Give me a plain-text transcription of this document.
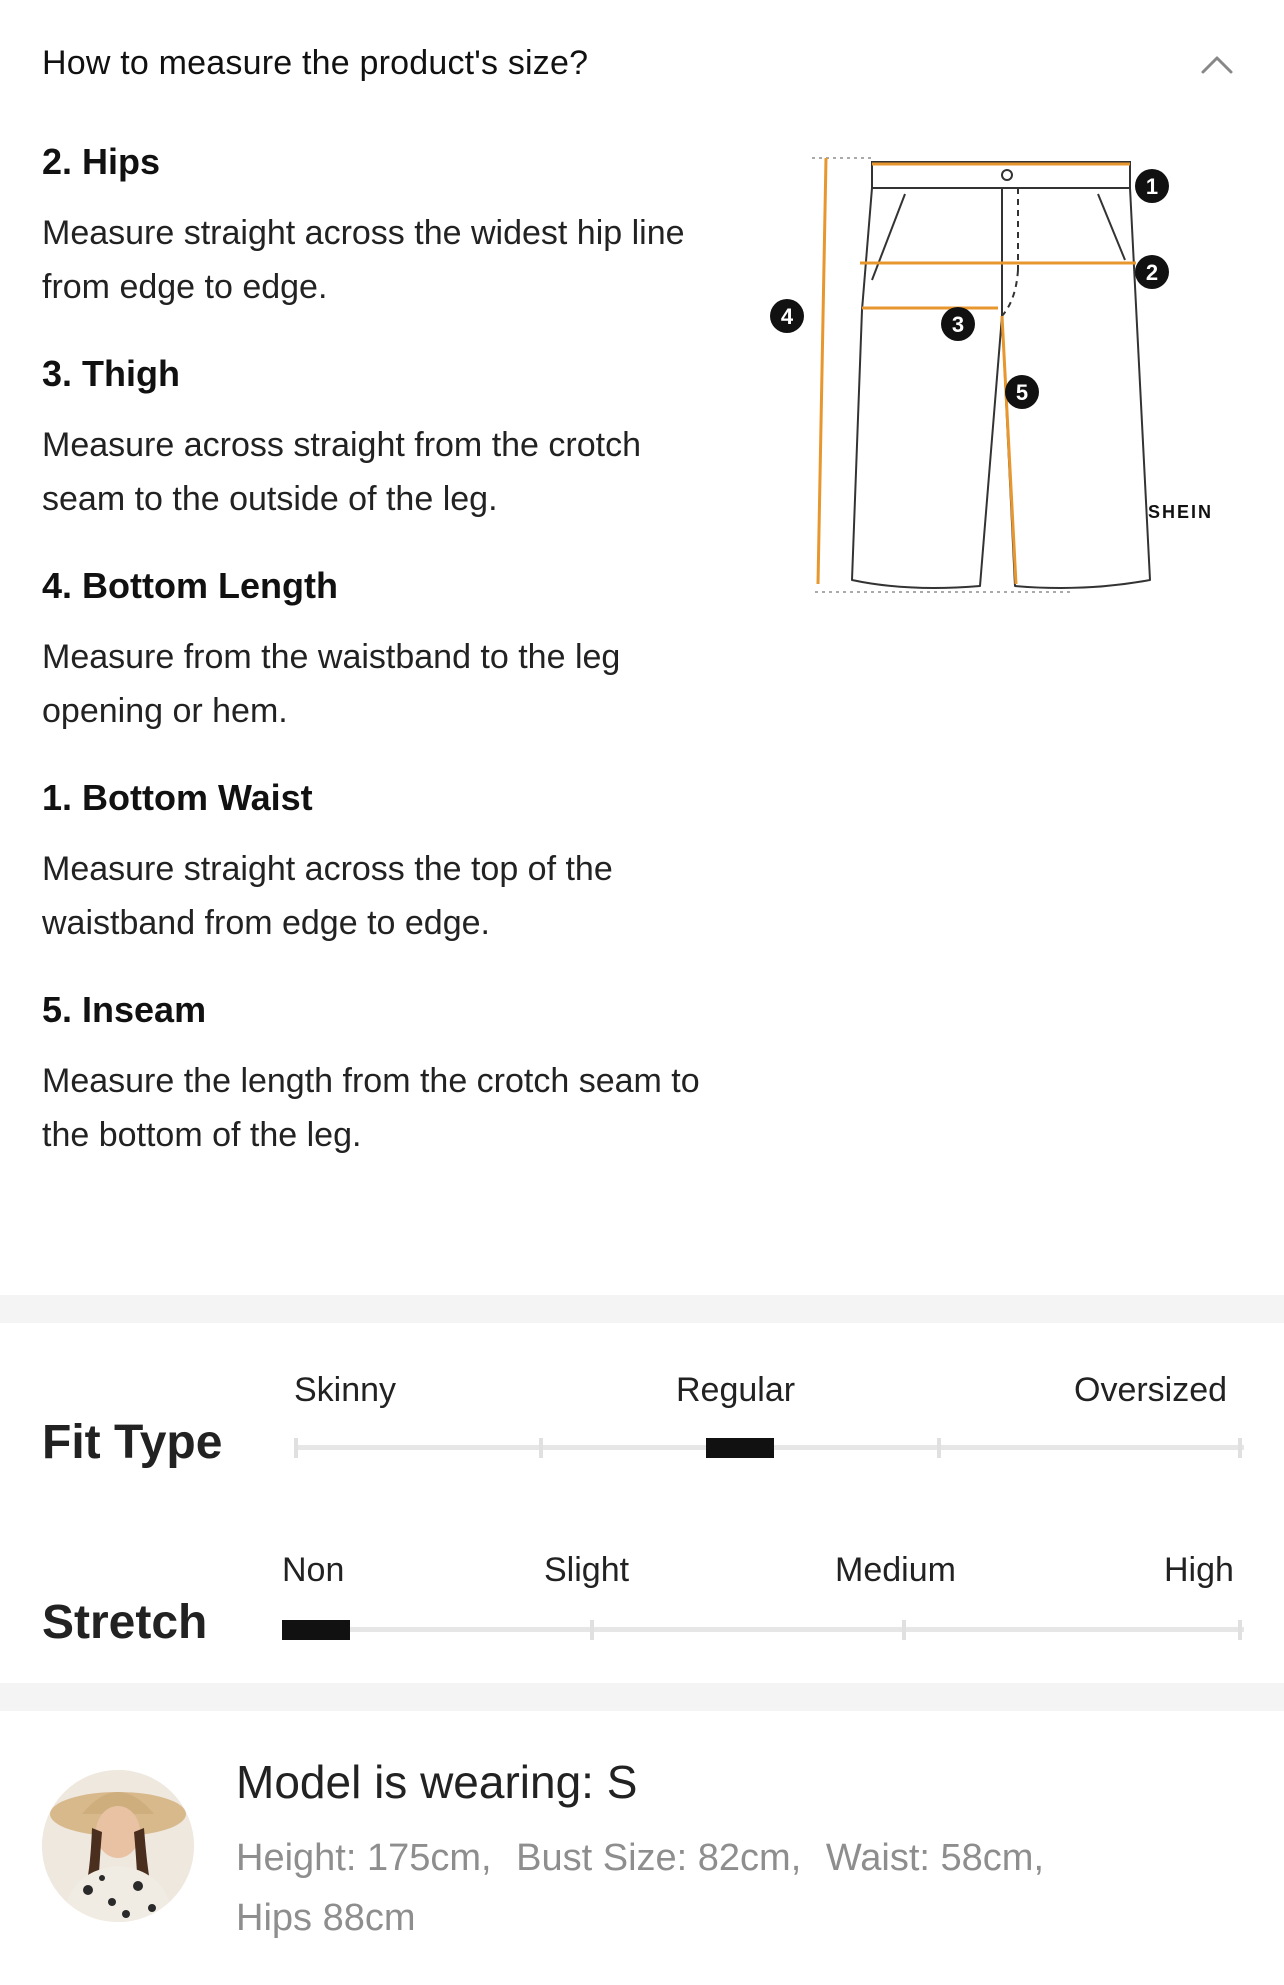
How to measure the product's size?
2. Hips
Measure straight across the widest hip line from edge to edge.
3. Thigh
Measure across straight from the crotch seam to the outside of the leg.
4. Bottom Length
Measure from the waistband to the leg opening or hem.
1. Bottom Waist
Measure straight across the top of the waistband from edge to edge.
5. Inseam
Measure the length from the crotch seam to the bottom of the leg.
1
2
3
4
5
SHEIN
Fit Type
Skinny	Regular	Oversized
Stretch
Non	Slight	Medium	High
Model is wearing: S
Height: 175cm, Bust Size: 82cm, Waist: 58cm,
Hips 88cm
